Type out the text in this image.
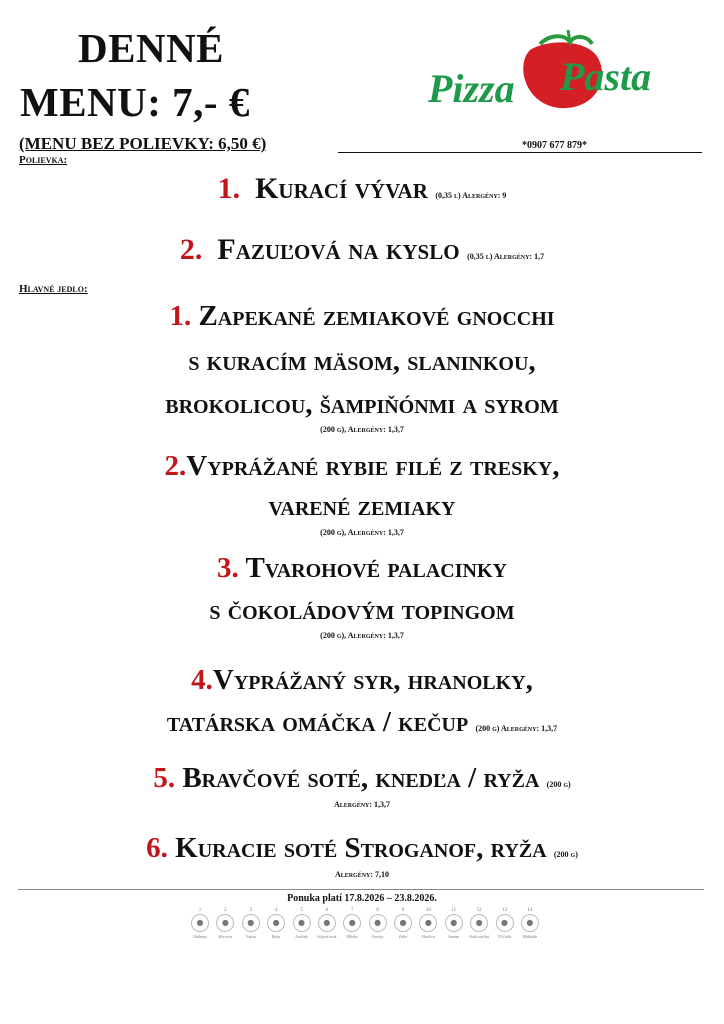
DENNÉ
MENU: 7,- €	Pizza Pasta
(MENU BEZ POLIEVKY: 6,50 €)	*0907 677 879*
Polievka:
1. Kurací vývar (0,35 l) Alergény: 9
2. Fazuľová na kyslo (0,35 l) Alergény: 1,7
Hlavné jedlo:
1. Zapekané zemiakové gnocchi
s kuracím mäsom, slaninkou,
brokolicou, šampiňónmi a syrom
(200 g), Alergény: 1,3,7
2.Vyprážané rybie filé z tresky,
varené zemiaky
(200 g), Alergény: 1,3,7
3. Tvarohové palacinky
s čokoládovým topingom
(200 g), Alergény: 1,3,7
4.Vyprážaný syr, hranolky,
tatárska omáčka / kečup (200 g) Alergény: 1,3,7
5. Bravčové soté, knedľa / ryža (200 g)
Alergény: 1,3,7
6. Kuracie soté Stroganof, ryža (200 g)
Alergény: 7,10
Ponuka platí 17.8.2026 – 23.8.2026.
1
●
Obilniny
2
●
Kôrovce
3
●
Vajcia
4
●
Ryby
5
●
Arašidy
6
●
Sójové zrná
7
●
Mlieko
8
●
Orechy
9
●
Zeler
10
●
Horčica
11
●
Sezam
12
●
Oxid siričitý
13
●
Vlčí bôb
14
●
Mäkkýše
